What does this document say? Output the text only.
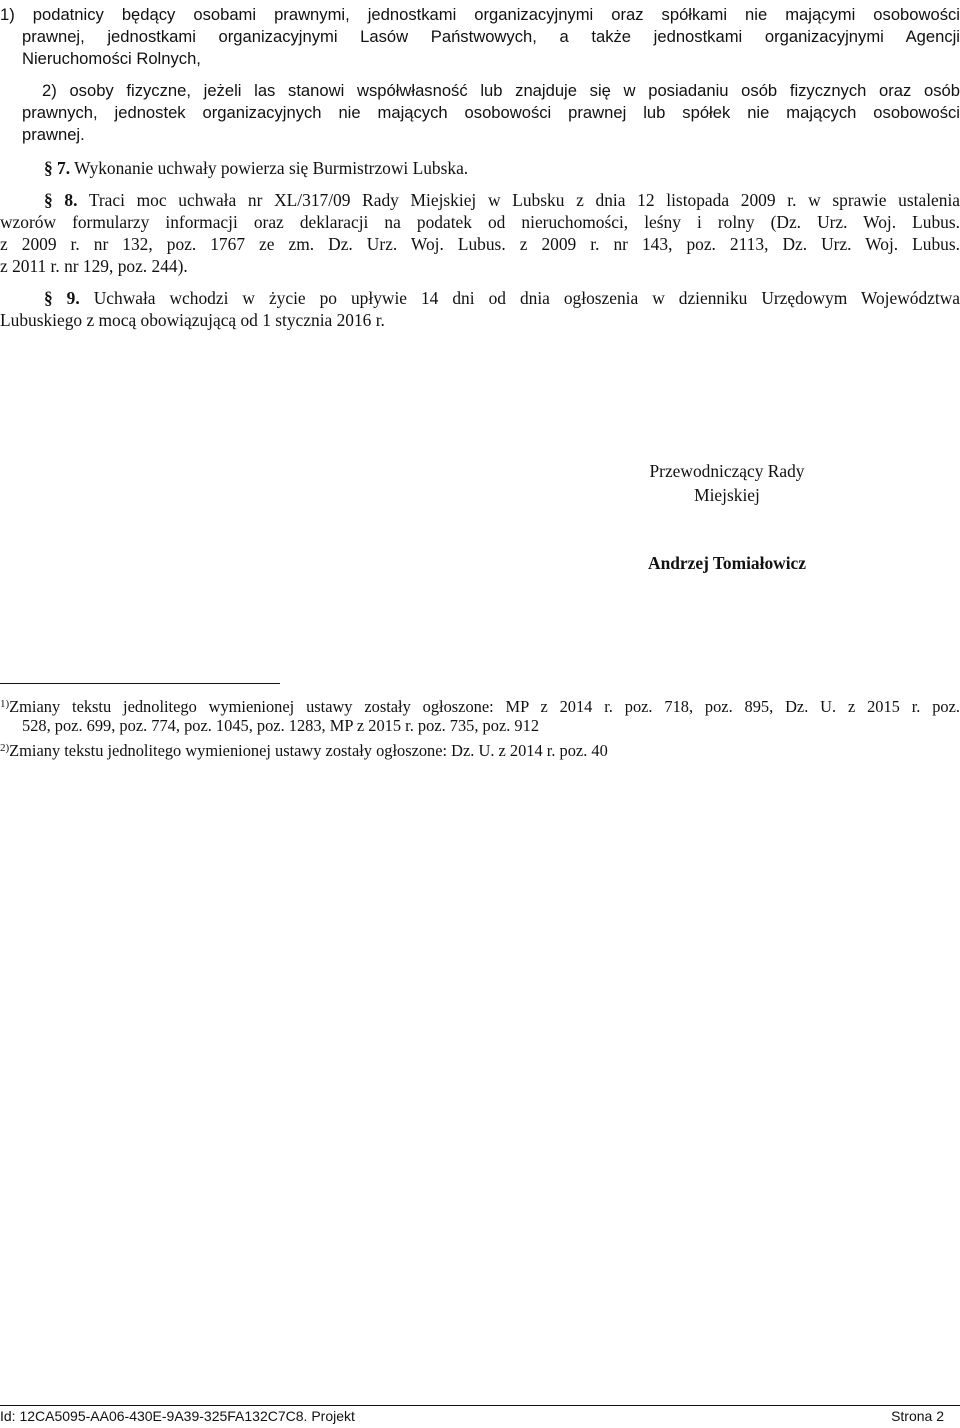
1) podatnicy będący osobami prawnymi, jednostkami organizacyjnymi oraz spółkami nie mającymi osobowości
prawnej, jednostkami organizacyjnymi Lasów Państwowych, a także jednostkami organizacyjnymi Agencji
Nieruchomości Rolnych,
2) osoby fizyczne, jeżeli las stanowi współwłasność lub znajduje się w posiadaniu osób fizycznych oraz osób
prawnych, jednostek organizacyjnych nie mających osobowości prawnej lub spółek nie mających osobowości
prawnej.
§ 7. Wykonanie uchwały powierza się Burmistrzowi Lubska.
§ 8. Traci moc uchwała nr XL/317/09 Rady Miejskiej w Lubsku z dnia 12 listopada 2009 r. w sprawie ustalenia
wzorów formularzy informacji oraz deklaracji na podatek od nieruchomości, leśny i rolny (Dz. Urz. Woj. Lubus.
z 2009 r. nr 132, poz. 1767 ze zm. Dz. Urz. Woj. Lubus. z 2009 r. nr 143, poz. 2113, Dz. Urz. Woj. Lubus.
z 2011 r. nr 129, poz. 244).
§ 9. Uchwała wchodzi w życie po upływie 14 dni od dnia ogłoszenia w dzienniku Urzędowym Województwa
Lubuskiego z mocą obowiązującą od 1 stycznia 2016 r.
Przewodniczący Rady
Miejskiej
Andrzej Tomiałowicz
$^{1)}$Zmiany tekstu jednolitego wymienionej ustawy zostały ogłoszone: MP z 2014 r. poz. 718, poz. 895, Dz. U. z 2015 r. poz.
528, poz. 699, poz. 774, poz. 1045, poz. 1283, MP z 2015 r. poz. 735, poz. 912
$^{2)}$Zmiany tekstu jednolitego wymienionej ustawy zostały ogłoszone: Dz. U. z 2014 r. poz. 40
Id: 12CA5095-AA06-430E-9A39-325FA132C7C8. Projekt	Strona 2
